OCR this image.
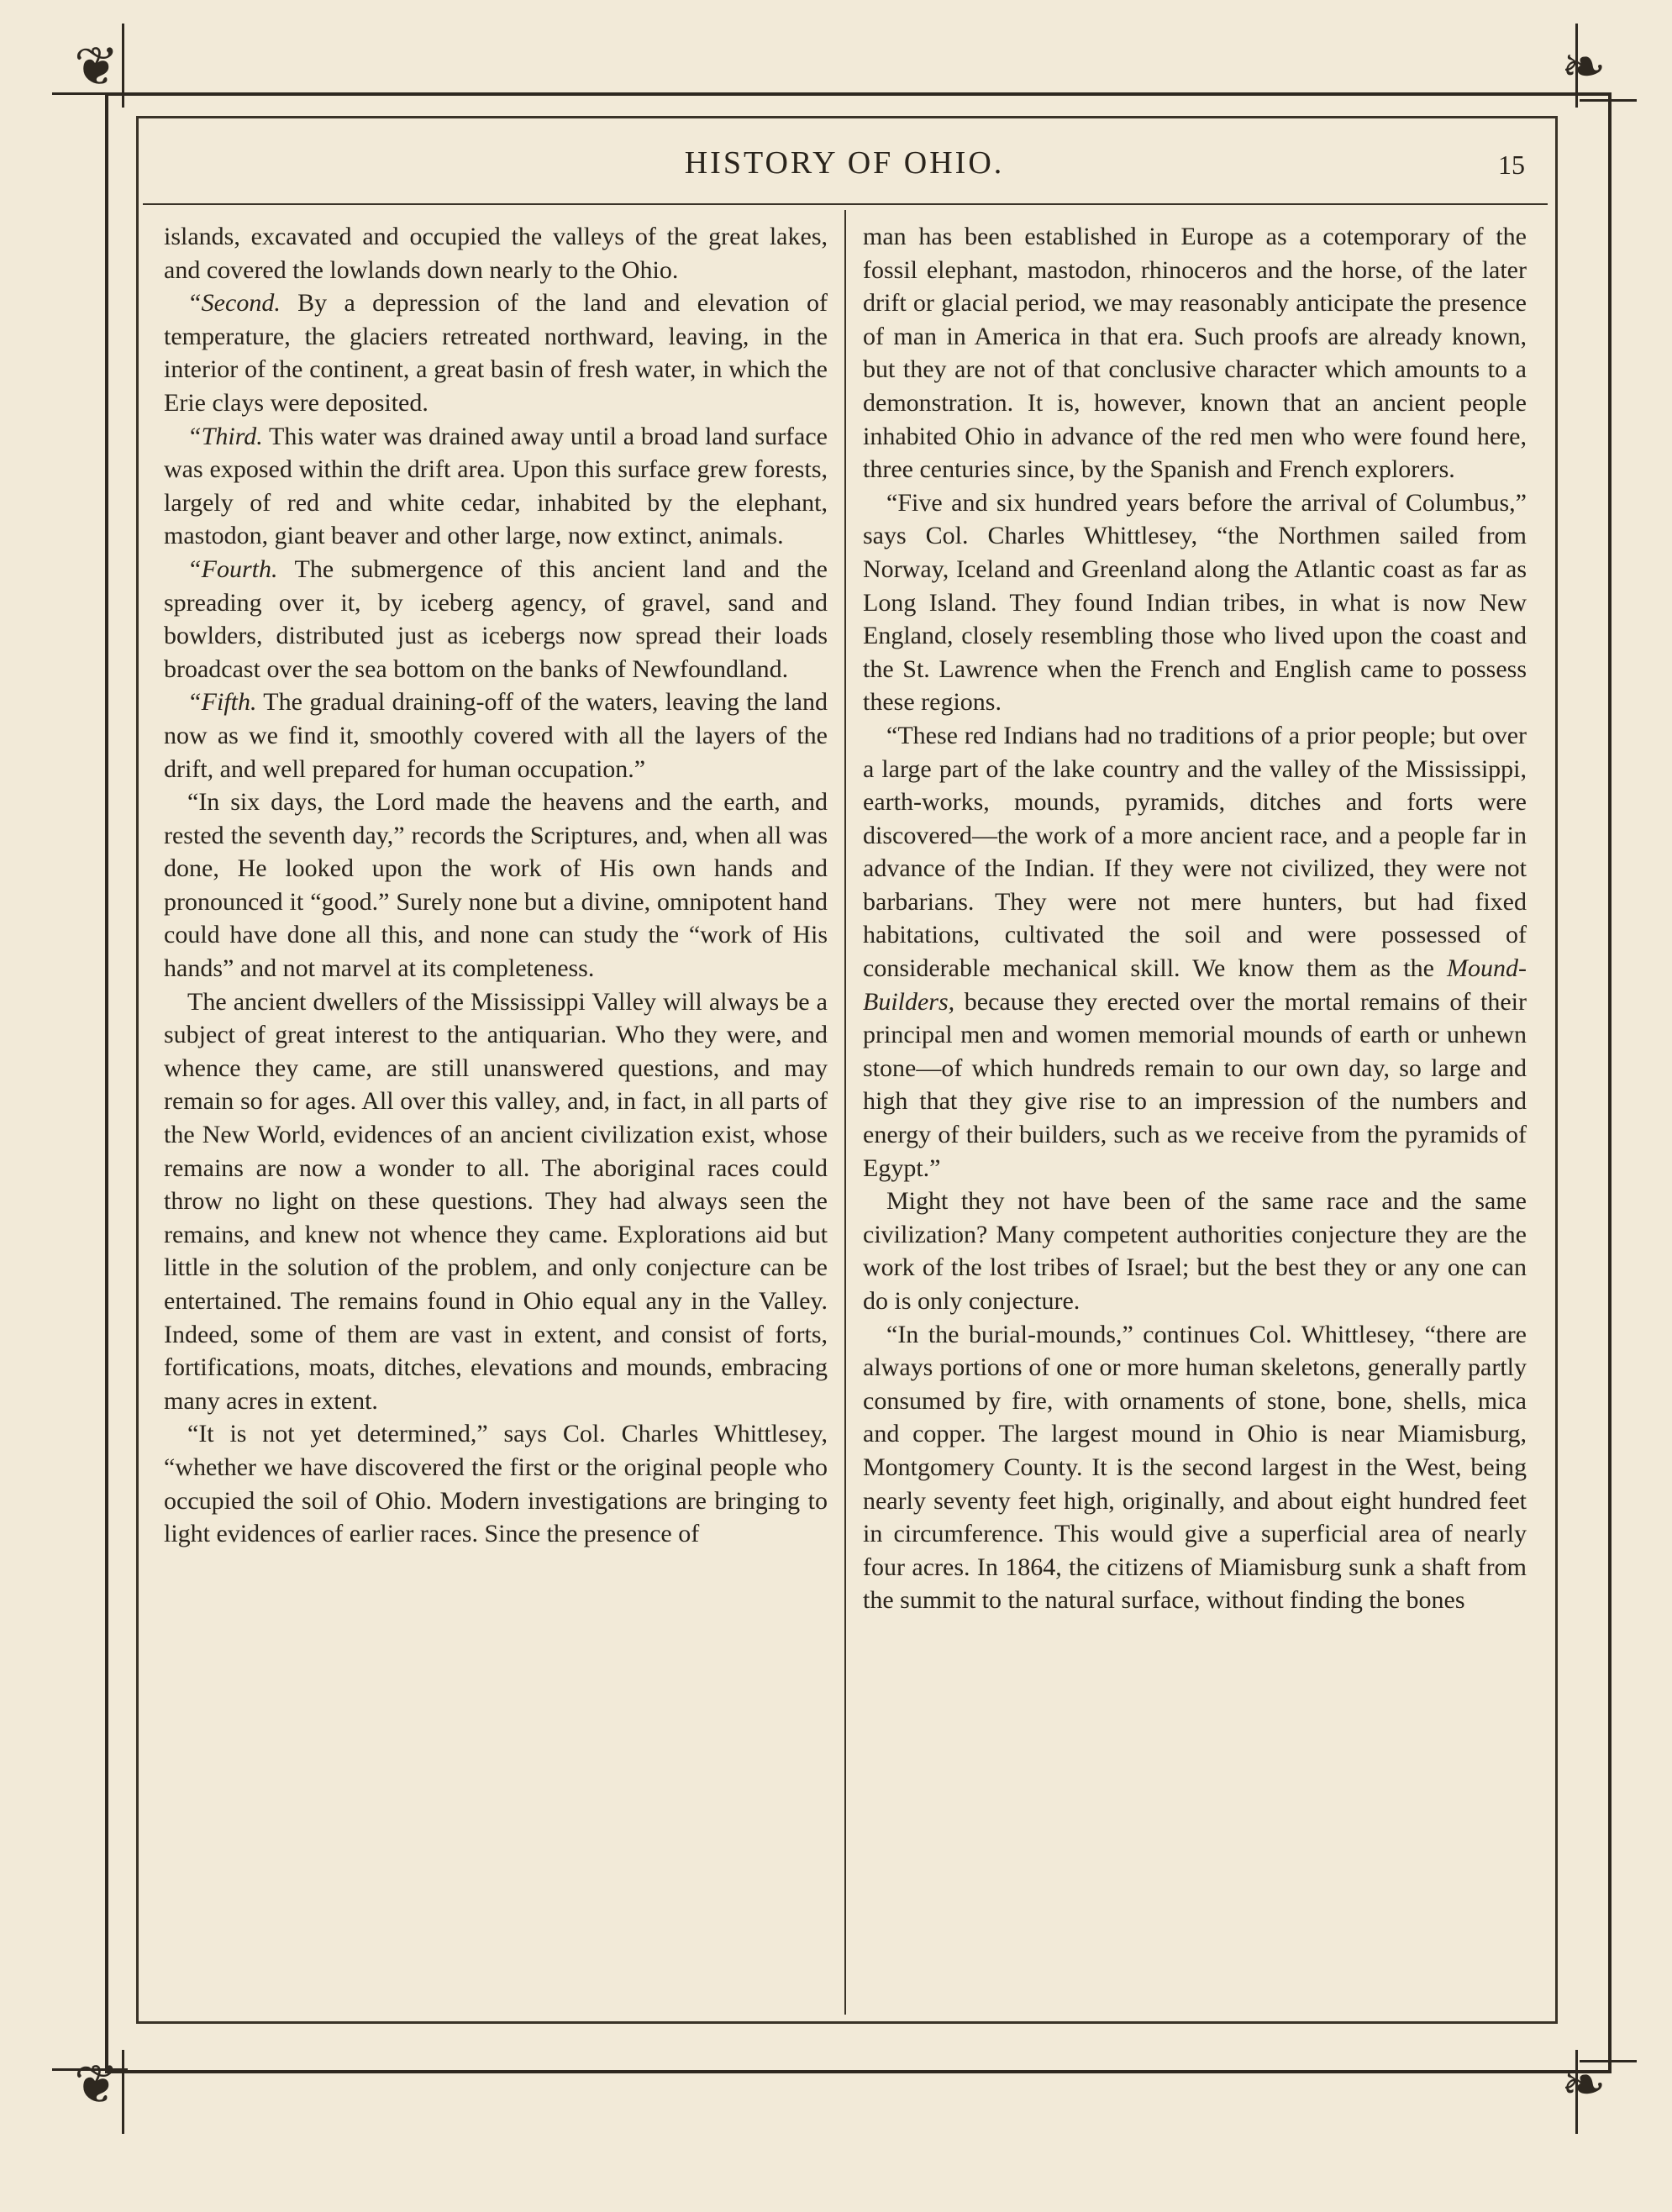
❦	❧
❦	❧
HISTORY OF OHIO.	15

islands, excavated and occupied the valleys of the great lakes, and covered the lowlands down nearly to the Ohio.

“Second. By a depression of the land and elevation of temperature, the glaciers retreated northward, leaving, in the interior of the continent, a great basin of fresh water, in which the Erie clays were deposited.

“Third. This water was drained away until a broad land surface was exposed within the drift area. Upon this surface grew forests, largely of red and white cedar, inhabited by the elephant, mastodon, giant beaver and other large, now extinct, animals.

“Fourth. The submergence of this ancient land and the spreading over it, by iceberg agency, of gravel, sand and bowlders, distributed just as icebergs now spread their loads broadcast over the sea bottom on the banks of Newfoundland.

“Fifth. The gradual draining-off of the waters, leaving the land now as we find it, smoothly covered with all the layers of the drift, and well prepared for human occupation.”

“In six days, the Lord made the heavens and the earth, and rested the seventh day,” records the Scriptures, and, when all was done, He looked upon the work of His own hands and pronounced it “good.” Surely none but a divine, omnipotent hand could have done all this, and none can study the “work of His hands” and not marvel at its completeness.

The ancient dwellers of the Mississippi Valley will always be a subject of great interest to the antiquarian. Who they were, and whence they came, are still unanswered questions, and may remain so for ages. All over this valley, and, in fact, in all parts of the New World, evidences of an ancient civilization exist, whose remains are now a wonder to all. The aboriginal races could throw no light on these questions. They had always seen the remains, and knew not whence they came. Explorations aid but little in the solution of the problem, and only conjecture can be entertained. The remains found in Ohio equal any in the Valley. Indeed, some of them are vast in extent, and consist of forts, fortifications, moats, ditches, elevations and mounds, embracing many acres in extent.

“It is not yet determined,” says Col. Charles Whittlesey, “whether we have discovered the first or the original people who occupied the soil of Ohio. Modern investigations are bringing to light evidences of earlier races. Since the presence of

man has been established in Europe as a cotemporary of the fossil elephant, mastodon, rhinoceros and the horse, of the later drift or glacial period, we may reasonably anticipate the presence of man in America in that era. Such proofs are already known, but they are not of that conclusive character which amounts to a demonstration. It is, however, known that an ancient people inhabited Ohio in advance of the red men who were found here, three centuries since, by the Spanish and French explorers.

“Five and six hundred years before the arrival of Columbus,” says Col. Charles Whittlesey, “the Northmen sailed from Norway, Iceland and Greenland along the Atlantic coast as far as Long Island. They found Indian tribes, in what is now New England, closely resembling those who lived upon the coast and the St. Lawrence when the French and English came to possess these regions.

“These red Indians had no traditions of a prior people; but over a large part of the lake country and the valley of the Mississippi, earth-works, mounds, pyramids, ditches and forts were discovered—the work of a more ancient race, and a people far in advance of the Indian. If they were not civilized, they were not barbarians. They were not mere hunters, but had fixed habitations, cultivated the soil and were possessed of considerable mechanical skill. We know them as the Mound-Builders, because they erected over the mortal remains of their principal men and women memorial mounds of earth or unhewn stone—of which hundreds remain to our own day, so large and high that they give rise to an impression of the numbers and energy of their builders, such as we receive from the pyramids of Egypt.”

Might they not have been of the same race and the same civilization? Many competent authorities conjecture they are the work of the lost tribes of Israel; but the best they or any one can do is only conjecture.

“In the burial-mounds,” continues Col. Whittlesey, “there are always portions of one or more human skeletons, generally partly consumed by fire, with ornaments of stone, bone, shells, mica and copper. The largest mound in Ohio is near Miamisburg, Montgomery County. It is the second largest in the West, being nearly seventy feet high, originally, and about eight hundred feet in circumference. This would give a superficial area of nearly four acres. In 1864, the citizens of Miamisburg sunk a shaft from the summit to the natural surface, without finding the bones
